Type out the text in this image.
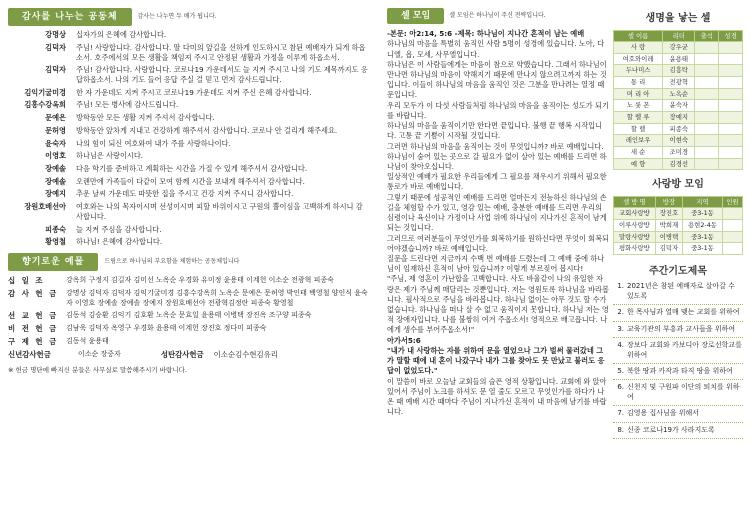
감사를 나누는 공동체	감사는 나누면 두 배가 됩니다.
강명상	십자가의 은혜에 감사합니다.
김덕자	주님! 사랑합니다. 감사합니다. 딸 다미의 앞길을 선하게 인도하시고 참된 예배자가 되게 하옵소서. 호주에서의 모든 생활을 책임져 주시고 안정된 생활과 가정을 이루게 하옵소서.
김덕자	주님! 감사합니다. 사랑합니다. 코로나19 가운데서도 늘 지켜 주시고 나의 기도 제목까지도 응답하옵소서. 나의 기도 들어 응답 주실 걸 믿고 먼저 감사드립니다.
김익기굴미경	한 자 가운데도 지켜 주시고 코로나19 가운데도 지켜 주신 은혜 감사합니다.
김흥수강옥희	주님! 모든 병사에 감사드립니다.
문예은	방학동안 모든 생활 지켜 주셔서 감사합니다.
문허영	방학동안 앞차게 지내고 건강하게 해주셔서 감사합니다. 코로나 안 걸리게 해주세요.
윤숙자	나의 힘이 되신 여호와여 내가 주를 사랑하나이다.
이영호	하나님은 사랑이시다.
장예솔	다음 학기를 준비하고 계획하는 시간을 가질 수 있게 해주셔서 감사합니다.
장예솔	오랜만에 가족들이 다같이 모여 함께 시간을 보내게 해주셔서 감사합니다.
장예지	추운 날씨 가운데도 따뜻한 집을 주시고 건강 지켜 주시니 감사합니다.
장원호배선아	여호와는 나의 목자이시며 선성이시며 피할 바위이시고 구원의 뿔이심을 고백하게 하시니 감사합니다.
피종숙	늘 지켜 주심을 감사합니다.
황영철	하나님! 은혜에 감사합니다.
향기로운 예물	드림으로 하나님의 부요함을 체험하는 공동체입니다
십 일 조	강옥희 구정지 김길자 김미선 노옥순 우경화 유미정 윤용태 이계헌 이소순 전광혁 피종숙
감 사 헌 금	강명상 김덕자 김덕자 김익기굴미경 김흥수강옥희 노옥순 문예은 문허영 박인태 백영철 양인식 윤숙자 이영호 장예솔 장예솔 장예지 장원호배선아 전광혁김정란 피종숙 황영철
선 교 헌 금	김동석 김승환 김익기 김호환 노옥순 문효일 윤용태 이병택 장진옥 조구양 피종숙
비 전 헌 금	김남욱 김덕자 옥영구 우경화 윤용태 이계헌 장진호 정다미 피종숙
구 제 헌 금	김동석 윤용태
신년감사헌금	이소순 장중자	성탄감사헌금 이소순김수현김유리
※ 헌금 명단에 빠지신 분들은 사무실로 말씀해주시기 바랍니다.
셀 모임	셀 모임은 하나님이 주신 전략입니다.

-본문: 아2:14, 5:6 -제목: 하나님이 지나간 흔적이 남는 예배

하나님의 마음을 특별히 움직인 사람 5명이 성경에 있습니다. 노아, 다니엘, 욥, 모세, 사무엘입니다.

하나님은 이 사람들에게는 마음이 참으로 약했습니다. 그래서 하나님이 만나면 하나님의 마음이 약해지기 때문에 만나지 않으려고까지 하는 것입니다. 이들이 하나님의 마음을 움직인 것은 그분을 만나려는 열정 때문입니다.

우리 모두가 이 다섯 사람들처럼 하나님의 마음을 움직이는 성도가 되기를 바랍니다.

하나님의 마음을 움직이기만 한다면 끝입니다. 불행 끝 행복 시작입니다. 고통 끝 기쁨이 시작될 것입니다.

그러면 하나님의 마음을 움직이는 것이 무엇입니까? 바로 예배입니다.

하나님이 숨어 있는 곳으로 갈 필요가 없이 살아 있는 예배를 드리면 하나님이 찾아오십니다.

일상적인 예배가 필요한 우리들에게 그 필요를 채우시기 위해서 필요한 통로가 바로 예배입니다.

그렇기 때문에 성공적인 예배를 드리면 얼마든지 전능하신 하나님의 손길을 체험할 수가 있고, 영감 있는 예배, 충분한 예배를 드리면 우리의 심령이나 육신이나 가정이나 사업 위에 하나님이 지나가신 흔적이 남게 되는 것입니다.

그러므로 여러분들이 무엇인가를 회복하기를 원하신다면 무엇이 회복되어야겠습니까? 바로 예배입니다.

질문을 드린다면 지금까지 수백 번 예배를 드렸는데 그 예배 중에 하나님이 임재하신 흔적이 남아 있습니까? 이렇게 부르짖어 봅시다!

"주님, 제 영혼이 가난합을 고백합니다. 사도 바울같이 나의 유일한 자랑은 제가 주님께 매달리는 것뿐입니다. 저는 영원토록 하나님을 바라봅니다. 필사적으로 주님을 바라봅니다. 하나님 없이는 아무 것도 할 수가 없습니다. 하나님을 떠나 살 수 없고 움직이지 못합니다. 하나님 저는 영적 장애자입니다. 나를 불쌍히 여겨 주옵소서! 영적으로 배고픕니다. 나에게 생수를 부어주옵소서!"

아가서5:6

"내가 내 사랑하는 자를 위하여 문을 열었으나 그가 벌써 물러갔네 그가 말할 때에 내 혼이 나갔구나 내가 그를 찾아도 못 만났고 불러도 응답이 없었도다."

이 말씀이 바로 오늘날 교회들의 슬픈 영적 상황입니다. 교회에 와 앉아 있어서 주님이 노크를 하셔도 문 열 줄도 모르고 무엇인가를 하다가 나온 때 예배 시간 때마다 주님이 지나가신 흔적이 내 마음에 남기를 바랍니다.

생명을 낳는 셀
셀 이름	리더	출석	성경
사 랑	강우균		
여호와이레	윤용태		
두나미스	김흥탁		
통 리	전광혁		
머 리 아	노옥순		
노 룻 폰	윤숙자		
할 렐 루	장예지		
할 렐	피종숙		
레인보우	이현숙		
새 순	조미경		
예 향	김경선		
사랑방 모임
셀 방 명	방장	지역	인원
교회사랑방	장진호	중3-1동	
이루사랑방	박희재	용현2-4동	
말랑사랑방	이병택	중3-1동	
평화사랑방	김덕자	중3-1동	
주간기도제목
1. 2021년은 참된 예배자로 살아갈 수 있도록
2. 한 목사님과 열매 맺는 교회를 위하여
3. 교육기관의 부흥과 교사들을 위하여
4. 장보다 교회와 카보디아 장로선학교를 위하여
5. 북한 땅과 카작과 타직 땅을 위하여
6. 신천지 및 구원파 이단의 퇴치를 위하여
7. 김영용 집사님을 위해서
8. 신종 코로나19가 사라지도록
